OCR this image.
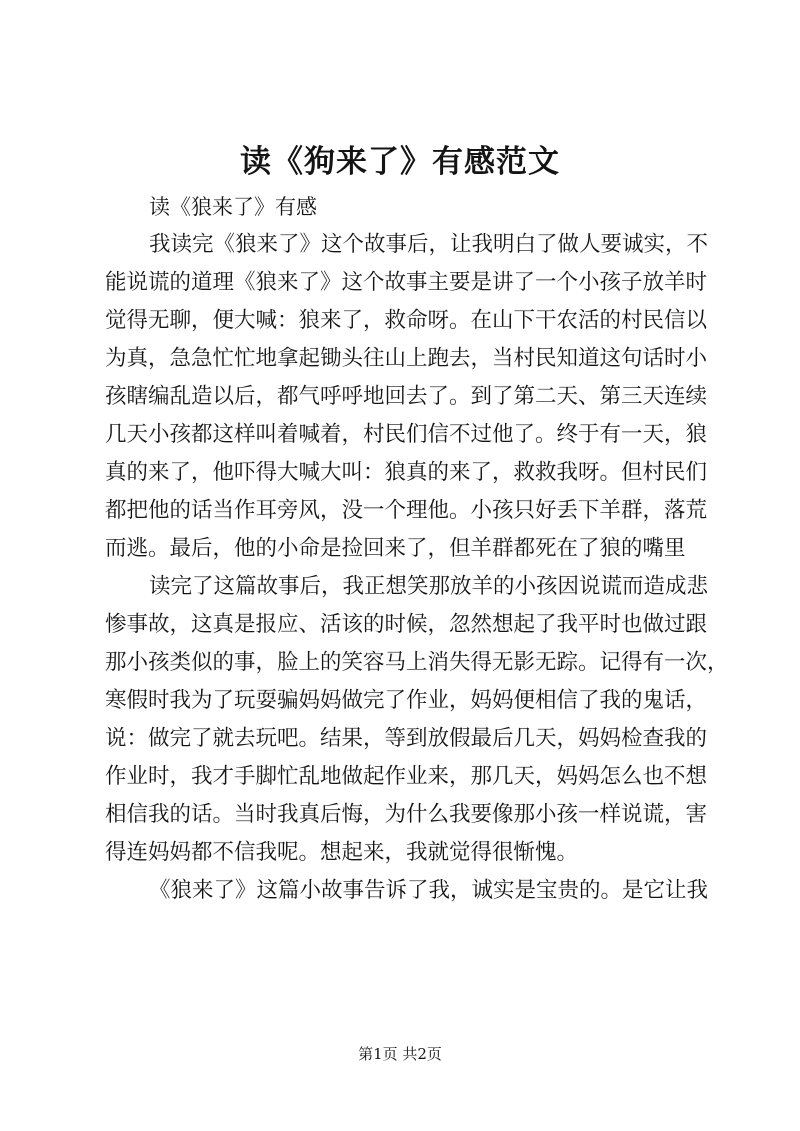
读《狗来了》有感范文
读《狼来了》有感
我读完《狼来了》这个故事后，让我明白了做人要诚实，不
能说谎的道理《狼来了》这个故事主要是讲了一个小孩子放羊时
觉得无聊，便大喊：狼来了，救命呀。在山下干农活的村民信以
为真，急急忙忙地拿起锄头往山上跑去，当村民知道这句话时小
孩瞎编乱造以后，都气呼呼地回去了。到了第二天、第三天连续
几天小孩都这样叫着喊着，村民们信不过他了。终于有一天，狼
真的来了，他吓得大喊大叫：狼真的来了，救救我呀。但村民们
都把他的话当作耳旁风，没一个理他。小孩只好丢下羊群，落荒
而逃。最后，他的小命是捡回来了，但羊群都死在了狼的嘴里
读完了这篇故事后，我正想笑那放羊的小孩因说谎而造成悲
惨事故，这真是报应、活该的时候，忽然想起了我平时也做过跟
那小孩类似的事，脸上的笑容马上消失得无影无踪。记得有一次，
寒假时我为了玩耍骗妈妈做完了作业，妈妈便相信了我的鬼话，
说：做完了就去玩吧。结果，等到放假最后几天，妈妈检查我的
作业时，我才手脚忙乱地做起作业来，那几天，妈妈怎么也不想
相信我的话。当时我真后悔，为什么我要像那小孩一样说谎，害
得连妈妈都不信我呢。想起来，我就觉得很惭愧。
《狼来了》这篇小故事告诉了我，诚实是宝贵的。是它让我
第1页 共2页
